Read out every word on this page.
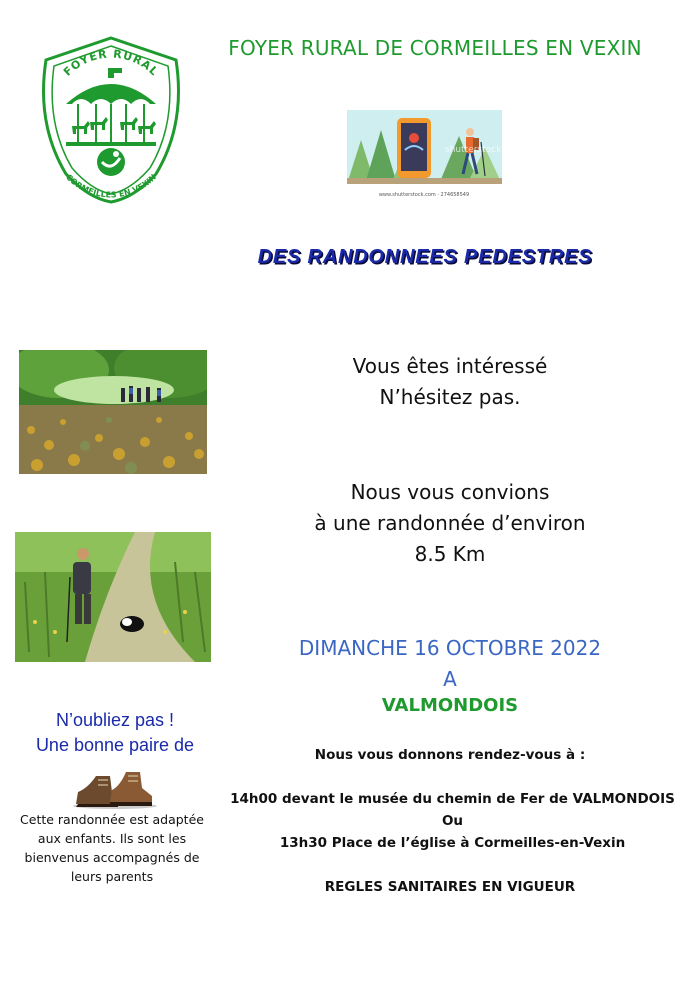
FOYER RURAL
CORMEILLES EN VEXIN
FOYER RURAL DE CORMEILLES EN VEXIN
shutterstock
www.shutterstock.com · 274658549
DES RANDONNEES PEDESTRES
Vous êtes intéressé
N’hésitez pas.
Nous vous convions
à une randonnée d’environ
8.5 Km
DIMANCHE 16 OCTOBRE 2022
A
VALMONDOIS
Nous vous donnons rendez-vous à :
14h00 devant le musée du chemin de Fer de VALMONDOIS
Ou
13h30 Place de l’église à Cormeilles-en-Vexin
REGLES SANITAIRES EN VIGUEUR
N’oubliez pas !
Une bonne paire de
Cette randonnée est adaptée
aux enfants. Ils sont les
bienvenus accompagnés de
leurs parents
